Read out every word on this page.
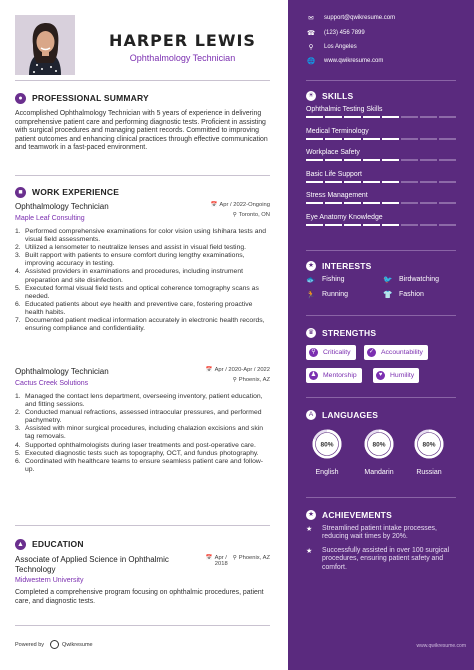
HARPER LEWIS
Ophthalmology Technician
●	PROFESSIONAL SUMMARY
Accomplished Ophthalmology Technician with 5 years of experience in delivering comprehensive patient care and performing diagnostic tests. Proficient in assisting with surgical procedures and managing patient records. Committed to improving patient outcomes and enhancing clinical practices through effective communication and teamwork in a fast-paced environment.
■	WORK EXPERIENCE
Ophthalmology Technician
Maple Leaf Consulting
📅 Apr / 2022-Ongoing
⚲ Toronto, ON
1. Performed comprehensive examinations for color vision using Ishihara tests and visual field assessments.
2. Utilized a lensometer to neutralize lenses and assist in visual field testing.
3. Built rapport with patients to ensure comfort during lengthy examinations, improving accuracy in testing.
4. Assisted providers in examinations and procedures, including instrument preparation and site disinfection.
5. Executed formal visual field tests and optical coherence tomography scans as needed.
6. Educated patients about eye health and preventive care, fostering proactive health habits.
7. Documented patient medical information accurately in electronic health records, ensuring compliance and confidentiality.
Ophthalmology Technician
Cactus Creek Solutions
📅 Apr / 2020-Apr / 2022
⚲ Phoenix, AZ
1. Managed the contact lens department, overseeing inventory, patient education, and fitting sessions.
2. Conducted manual refractions, assessed intraocular pressures, and performed pachymetry.
3. Assisted with minor surgical procedures, including chalazion excisions and skin tag removals.
4. Supported ophthalmologists during laser treatments and post-operative care.
5. Executed diagnostic tests such as topography, OCT, and fundus photography.
6. Coordinated with healthcare teams to ensure seamless patient care and follow-up.
▲ EDUCATION
Associate of Applied Science in Ophthalmic Technology
Midwestern University
📅 Apr /
2018
⚲ Phoenix, AZ
Completed a comprehensive program focusing on ophthalmic procedures, patient care, and diagnostic tests.
Powered by	Qwikresume
✉	support@qwikresume.com
☎ (123) 456 7899
⚲	Los Angeles
🌐 www.qwikresume.com
☀ SKILLS
Ophthalmic Testing Skills
Medical Terminology
Workplace Safety
Basic Life Support
Stress Management
Eye Anatomy Knowledge
★ INTERESTS
🐟 Fishing	🐦 Birdwatching
🏃 Running	👕 Fashion
♛ STRENGTHS
⚲	Criticality	✓ Accountability
♟ Mentorship	♥	Humility
A	LANGUAGES
80%
English
80%
Mandarin
80%
Russian
★ ACHIEVEMENTS
★	Streamlined patient intake processes, reducing wait times by 20%.
★	Successfully assisted in over 100 surgical procedures, ensuring patient safety and comfort.
www.qwikresume.com
